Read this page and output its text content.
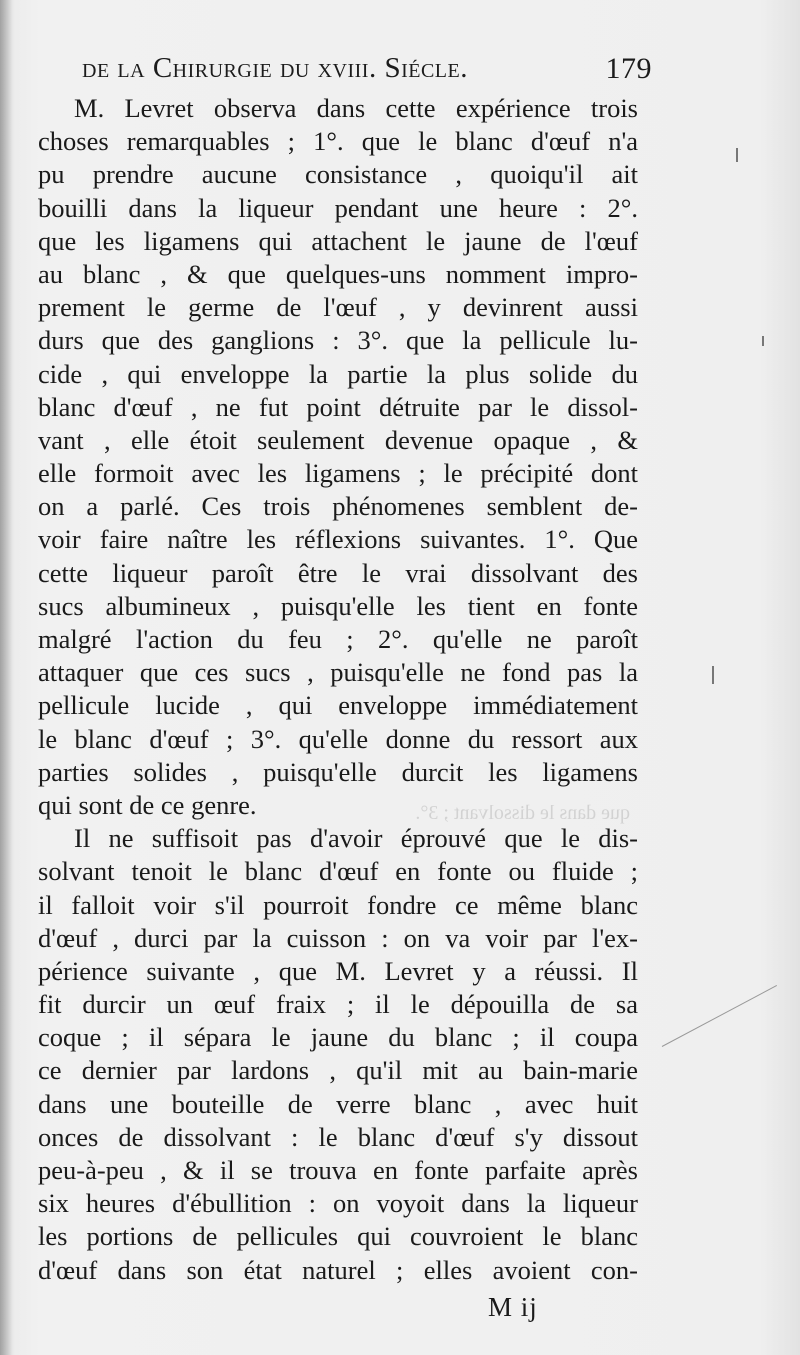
de la Chirurgie du xviii. Siécle.	179
que dans le dissolvant ; 3°.
M. Levret observa dans cette expérience trois
choses remarquables ; 1°. que le blanc d'œuf n'a
pu prendre aucune consistance , quoiqu'il ait
bouilli dans la liqueur pendant une heure : 2°.
que les ligamens qui attachent le jaune de l'œuf
au blanc , & que quelques-uns nomment impro-
prement le germe de l'œuf , y devinrent aussi
durs que des ganglions : 3°. que la pellicule lu-
cide , qui enveloppe la partie la plus solide du
blanc d'œuf , ne fut point détruite par le dissol-
vant , elle étoit seulement devenue opaque , &
elle formoit avec les ligamens ; le précipité dont
on a parlé. Ces trois phénomenes semblent de-
voir faire naître les réflexions suivantes. 1°. Que
cette liqueur paroît être le vrai dissolvant des
sucs albumineux , puisqu'elle les tient en fonte
malgré l'action du feu ; 2°. qu'elle ne paroît
attaquer que ces sucs , puisqu'elle ne fond pas la
pellicule lucide , qui enveloppe immédiatement
le blanc d'œuf ; 3°. qu'elle donne du ressort aux
parties solides , puisqu'elle durcit les ligamens
qui sont de ce genre.
Il ne suffisoit pas d'avoir éprouvé que le dis-
solvant tenoit le blanc d'œuf en fonte ou fluide ;
il falloit voir s'il pourroit fondre ce même blanc
d'œuf , durci par la cuisson : on va voir par l'ex-
périence suivante , que M. Levret y a réussi. Il
fit durcir un œuf fraix ; il le dépouilla de sa
coque ; il sépara le jaune du blanc ; il coupa
ce dernier par lardons , qu'il mit au bain-marie
dans une bouteille de verre blanc , avec huit
onces de dissolvant : le blanc d'œuf s'y dissout
peu-à-peu , & il se trouva en fonte parfaite après
six heures d'ébullition : on voyoit dans la liqueur
les portions de pellicules qui couvroient le blanc
d'œuf dans son état naturel ; elles avoient con-
M ij
